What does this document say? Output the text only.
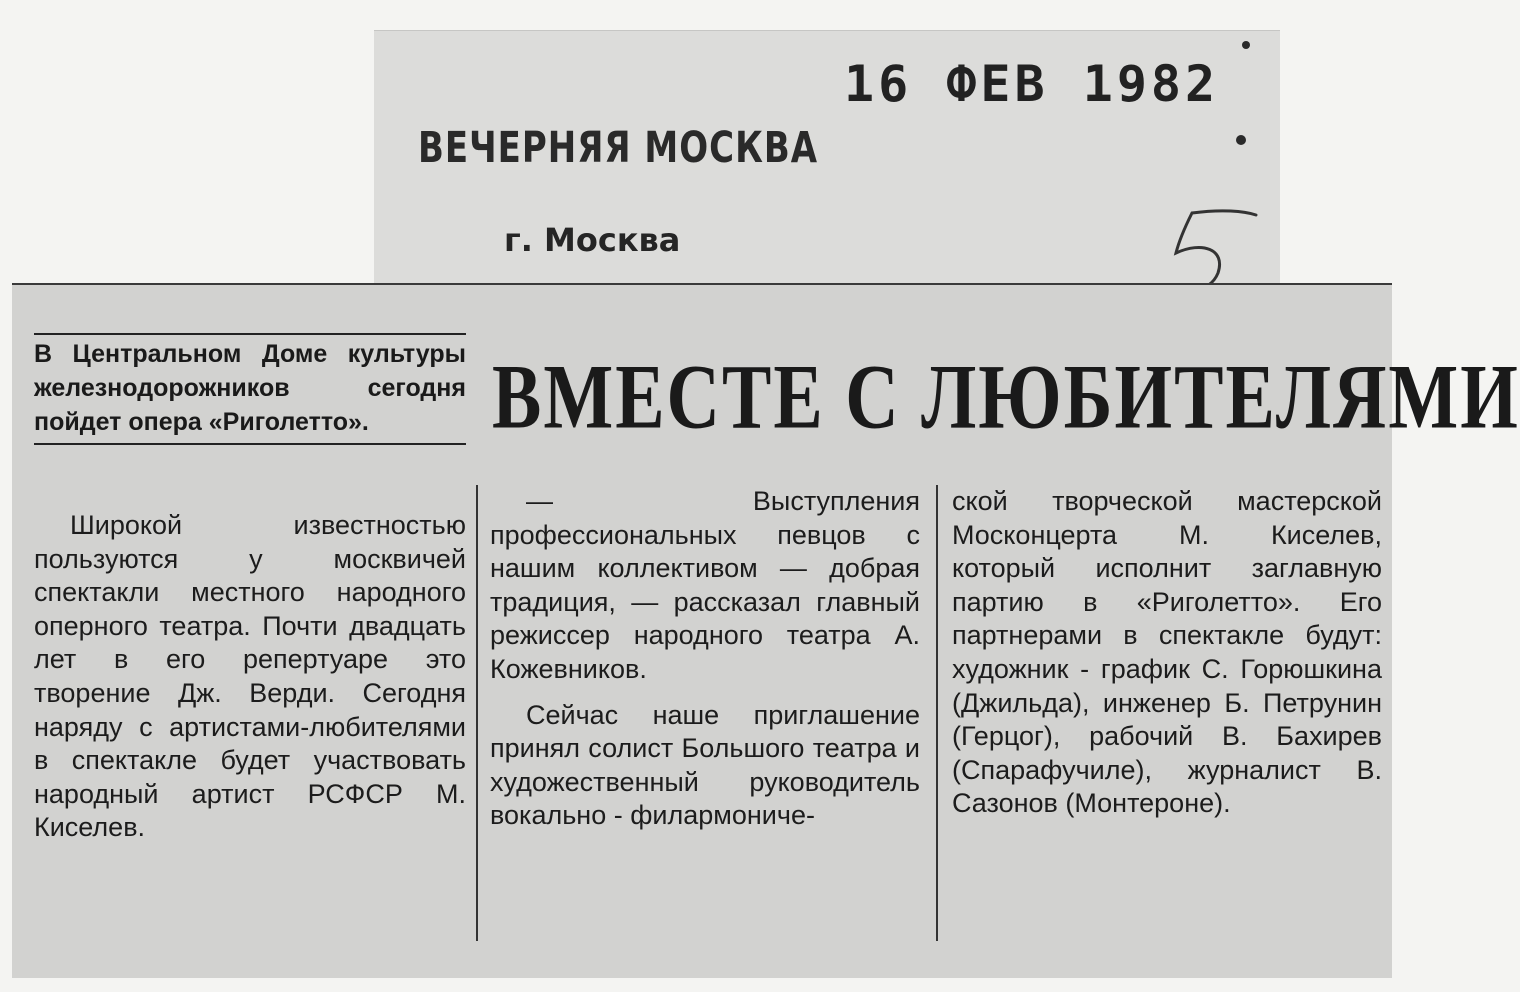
16 ФЕВ 1982
ВЕЧЕРНЯЯ МОСКВА
г. Москва
В Центральном Доме культуры железнодорожников сегодня пойдет опера «Риголетто».	ВМЕСТЕ С ЛЮБИТЕЛЯМИ

Широкой известностью пользуются у москвичей спектакли местного народного оперного театра. Почти двадцать лет в его репертуаре это творение Дж. Верди. Сегодня наряду с артистами-любителями в спектакле будет участвовать народный артист РСФСР М. Киселев.

— Выступления профессиональных певцов с нашим коллективом — добрая традиция, — рассказал главный режиссер народного театра А. Кожевников.

Сейчас наше приглашение принял солист Большого театра и художественный руководитель вокально - филармониче-

ской творческой мастерской Москонцерта М. Киселев, который исполнит заглавную партию в «Риголетто». Его партнерами в спектакле будут: художник - график С. Горюшкина (Джильда), инженер Б. Петрунин (Герцог), рабочий В. Бахирев (Спарафучиле), журналист В. Сазонов (Монтероне).
